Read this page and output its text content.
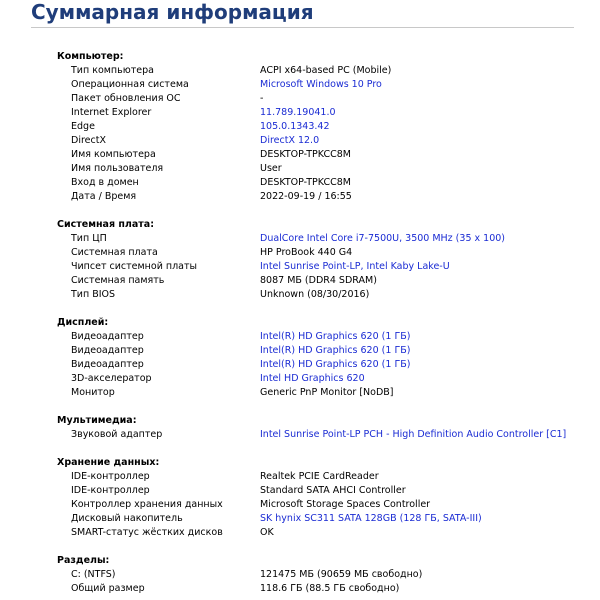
Суммарная информация
Компьютер:
Тип компьютера	ACPI x64-based PC (Mobile)
Операционная система	Microsoft Windows 10 Pro
Пакет обновления ОС	-
Internet Explorer	11.789.19041.0
Edge	105.0.1343.42
DirectX	DirectX 12.0
Имя компьютера	DESKTOP-TPKCC8M
Имя пользователя	User
Вход в домен	DESKTOP-TPKCC8M
Дата / Время	2022-09-19 / 16:55
Системная плата:
Тип ЦП	DualCore Intel Core i7-7500U, 3500 MHz (35 x 100)
Системная плата	HP ProBook 440 G4
Чипсет системной платы	Intel Sunrise Point-LP, Intel Kaby Lake-U
Системная память	8087 МБ (DDR4 SDRAM)
Тип BIOS	Unknown (08/30/2016)
Дисплей:
Видеоадаптер	Intel(R) HD Graphics 620 (1 ГБ)
Видеоадаптер	Intel(R) HD Graphics 620 (1 ГБ)
Видеоадаптер	Intel(R) HD Graphics 620 (1 ГБ)
3D-акселератор	Intel HD Graphics 620
Монитор	Generic PnP Monitor [NoDB]
Мультимедиа:
Звуковой адаптер	Intel Sunrise Point-LP PCH - High Definition Audio Controller [C1]
Хранение данных:
IDE-контроллер	Realtek PCIE CardReader
IDE-контроллер	Standard SATA AHCI Controller
Контроллер хранения данных	Microsoft Storage Spaces Controller
Дисковый накопитель	SK hynix SC311 SATA 128GB (128 ГБ, SATA-III)
SMART-статус жёстких дисков	OK
Разделы:
C: (NTFS)	121475 МБ (90659 МБ свободно)
Общий размер	118.6 ГБ (88.5 ГБ свободно)
